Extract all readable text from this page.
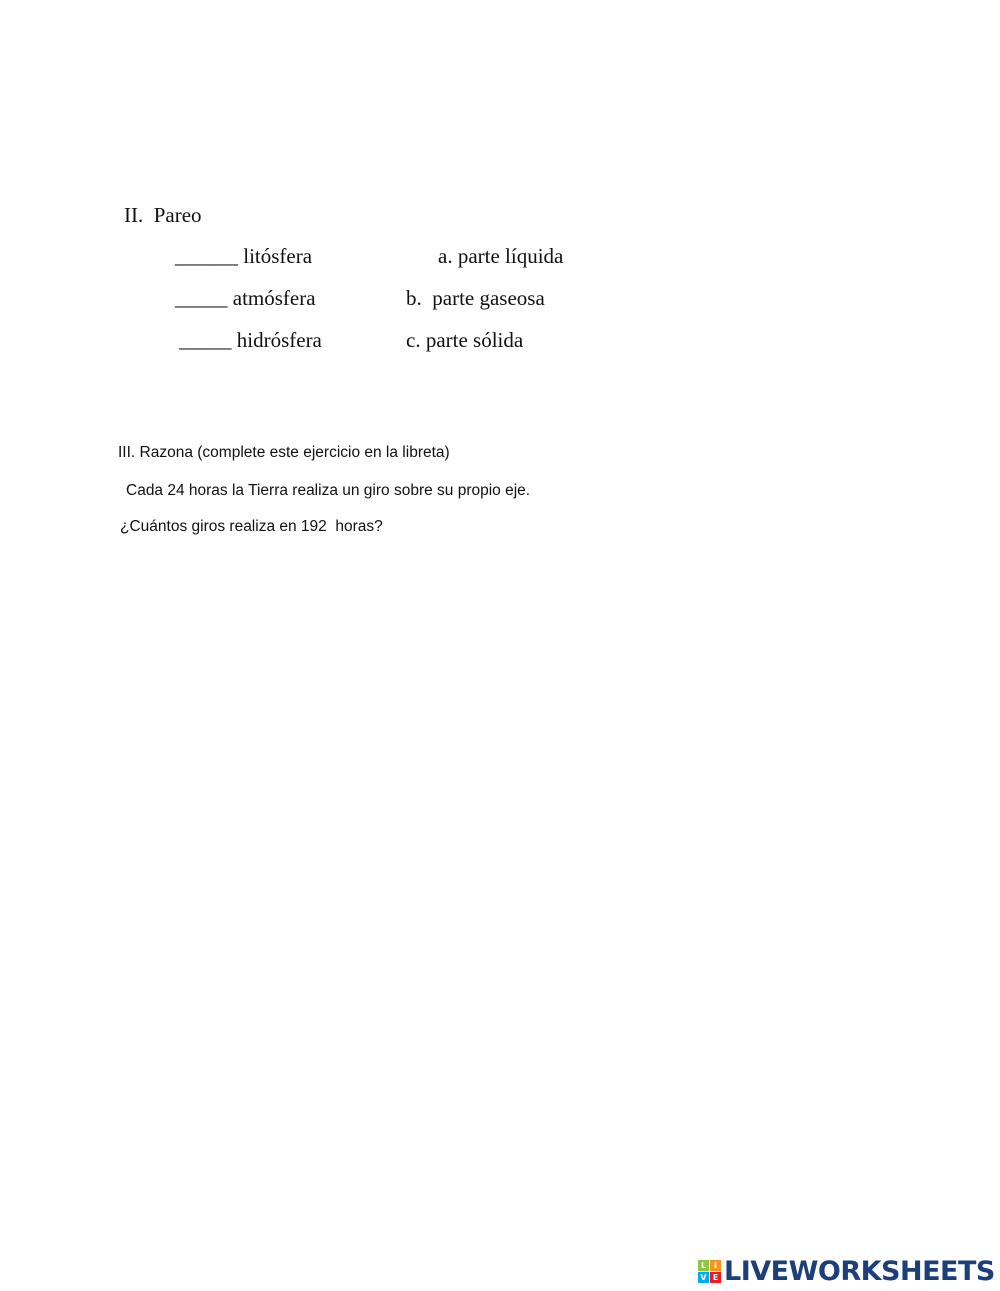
II.  Pareo
______ litósfera
_____ atmósfera
_____ hidrósfera
a. parte líquida
b.  parte gaseosa
c. parte sólida
III. Razona (complete este ejercicio en la libreta)
Cada 24 horas la Tierra realiza un giro sobre su propio eje.
¿Cuántos giros realiza en 192  horas?
L I
V E LIVEWORKSHEETS
